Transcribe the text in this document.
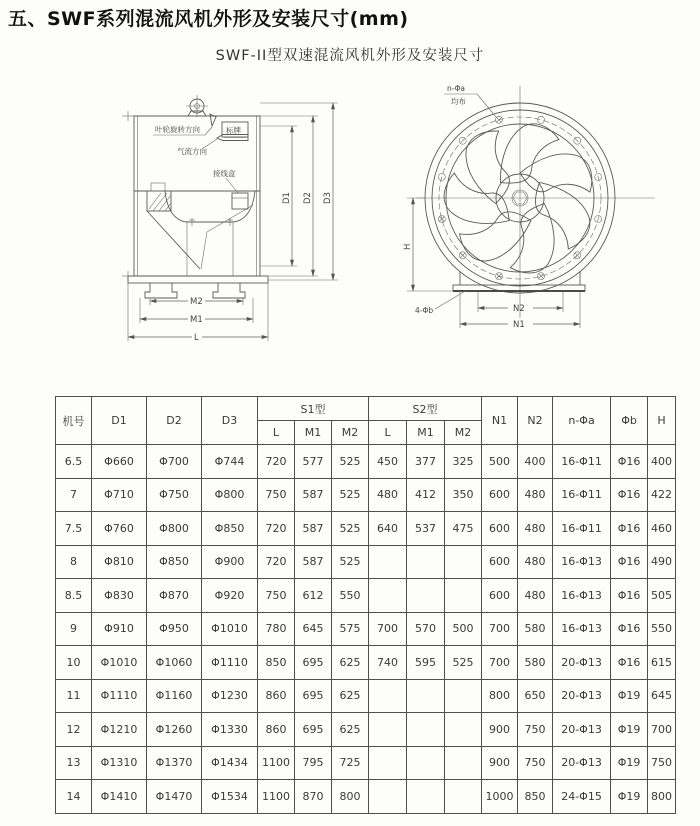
五、SWF系列混流风机外形及安装尺寸(mm)
SWF-II型双速混流风机外形及安装尺寸
接线盒
叶轮旋转方向	标牌
气流方向
D1 D2 D3
M2
M1
L
n-Φa
均布
H
4-Φb	N2
N1
机号	D1	D2	D3	S1型			S2型			N1	N2	n-Φa	Φb	H
				L	M1	M2	L	M1	M2					
6.5	Φ660	Φ700	Φ744	720	577	525	450	377	325	500	400	16-Φ11	Φ16	400
7	Φ710	Φ750	Φ800	750	587	525	480	412	350	600	480	16-Φ11	Φ16	422
7.5	Φ760	Φ800	Φ850	720	587	525	640	537	475	600	480	16-Φ11	Φ16	460
8	Φ810	Φ850	Φ900	720	587	525				600	480	16-Φ13	Φ16	490
8.5	Φ830	Φ870	Φ920	750	612	550				600	480	16-Φ13	Φ16	505
9	Φ910	Φ950	Φ1010	780	645	575	700	570	500	700	580	16-Φ13	Φ16	550
10	Φ1010	Φ1060	Φ1110	850	695	625	740	595	525	700	580	20-Φ13	Φ16	615
11	Φ1110	Φ1160	Φ1230	860	695	625				800	650	20-Φ13	Φ19	645
12	Φ1210	Φ1260	Φ1330	860	695	625				900	750	20-Φ13	Φ19	700
13	Φ1310	Φ1370	Φ1434	1100	795	725				900	750	20-Φ13	Φ19	750
14	Φ1410	Φ1470	Φ1534	1100	870	800				1000	850	24-Φ15	Φ19	800
